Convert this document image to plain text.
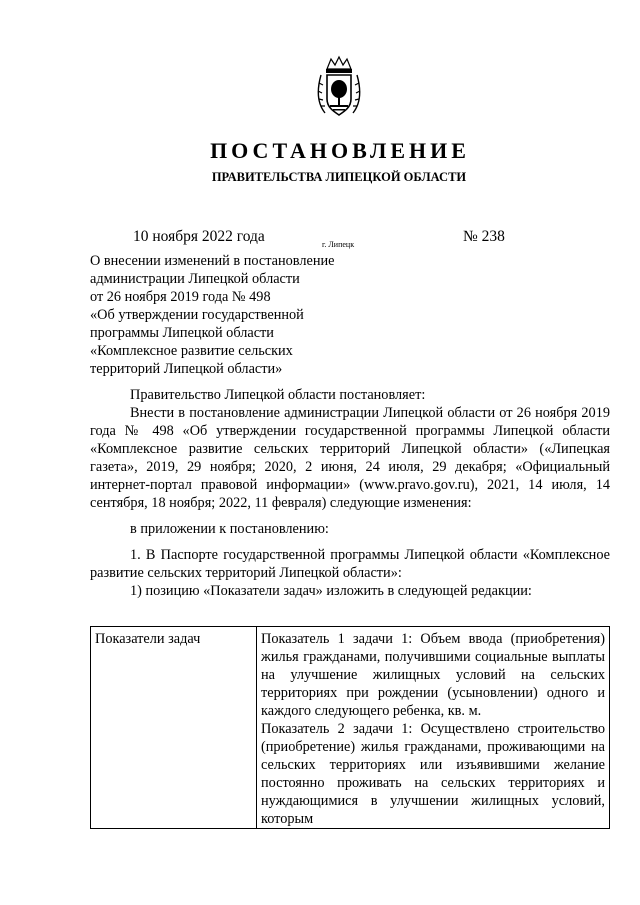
ПОСТАНОВЛЕНИЕ
ПРАВИТЕЛЬСТВА ЛИПЕЦКОЙ ОБЛАСТИ
10 ноября 2022 года	г. Липецк	№ 238
О внесении изменений в постановление
администрации Липецкой области
от 26 ноября 2019 года № 498
«Об утверждении государственной
программы Липецкой области
«Комплексное развитие сельских
территорий Липецкой области»

Правительство Липецкой области постановляет:

Внести в постановление администрации Липецкой области от 26 ноября 2019 года № 498 «Об утверждении государственной программы Липецкой области «Комплексное развитие сельских территорий Липецкой области» («Липецкая газета», 2019, 29 ноября; 2020, 2 июня, 24 июля, 29 декабря; «Официальный интернет-портал правовой информации» (www.pravo.gov.ru), 2021, 14 июля, 14 сентября, 18 ноября; 2022, 11 февраля) следующие изменения:

в приложении к постановлению:

1. В Паспорте государственной программы Липецкой области «Комплексное развитие сельских территорий Липецкой области»:

1) позицию «Показатели задач» изложить в следующей редакции:

Показатели задач	Показатель 1 задачи 1: Объем ввода (приобретения) жилья гражданами, получившими социальные выплаты на улучшение жилищных условий на сельских территориях при рождении (усыновлении) одного и каждого следующего ребенка, кв. м.

Показатель 2 задачи 1: Осуществлено строительство (приобретение) жилья гражданами, проживающими на сельских территориях или изъявившими желание постоянно проживать на сельских территориях и нуждающимися в улучшении жилищных условий, которым
